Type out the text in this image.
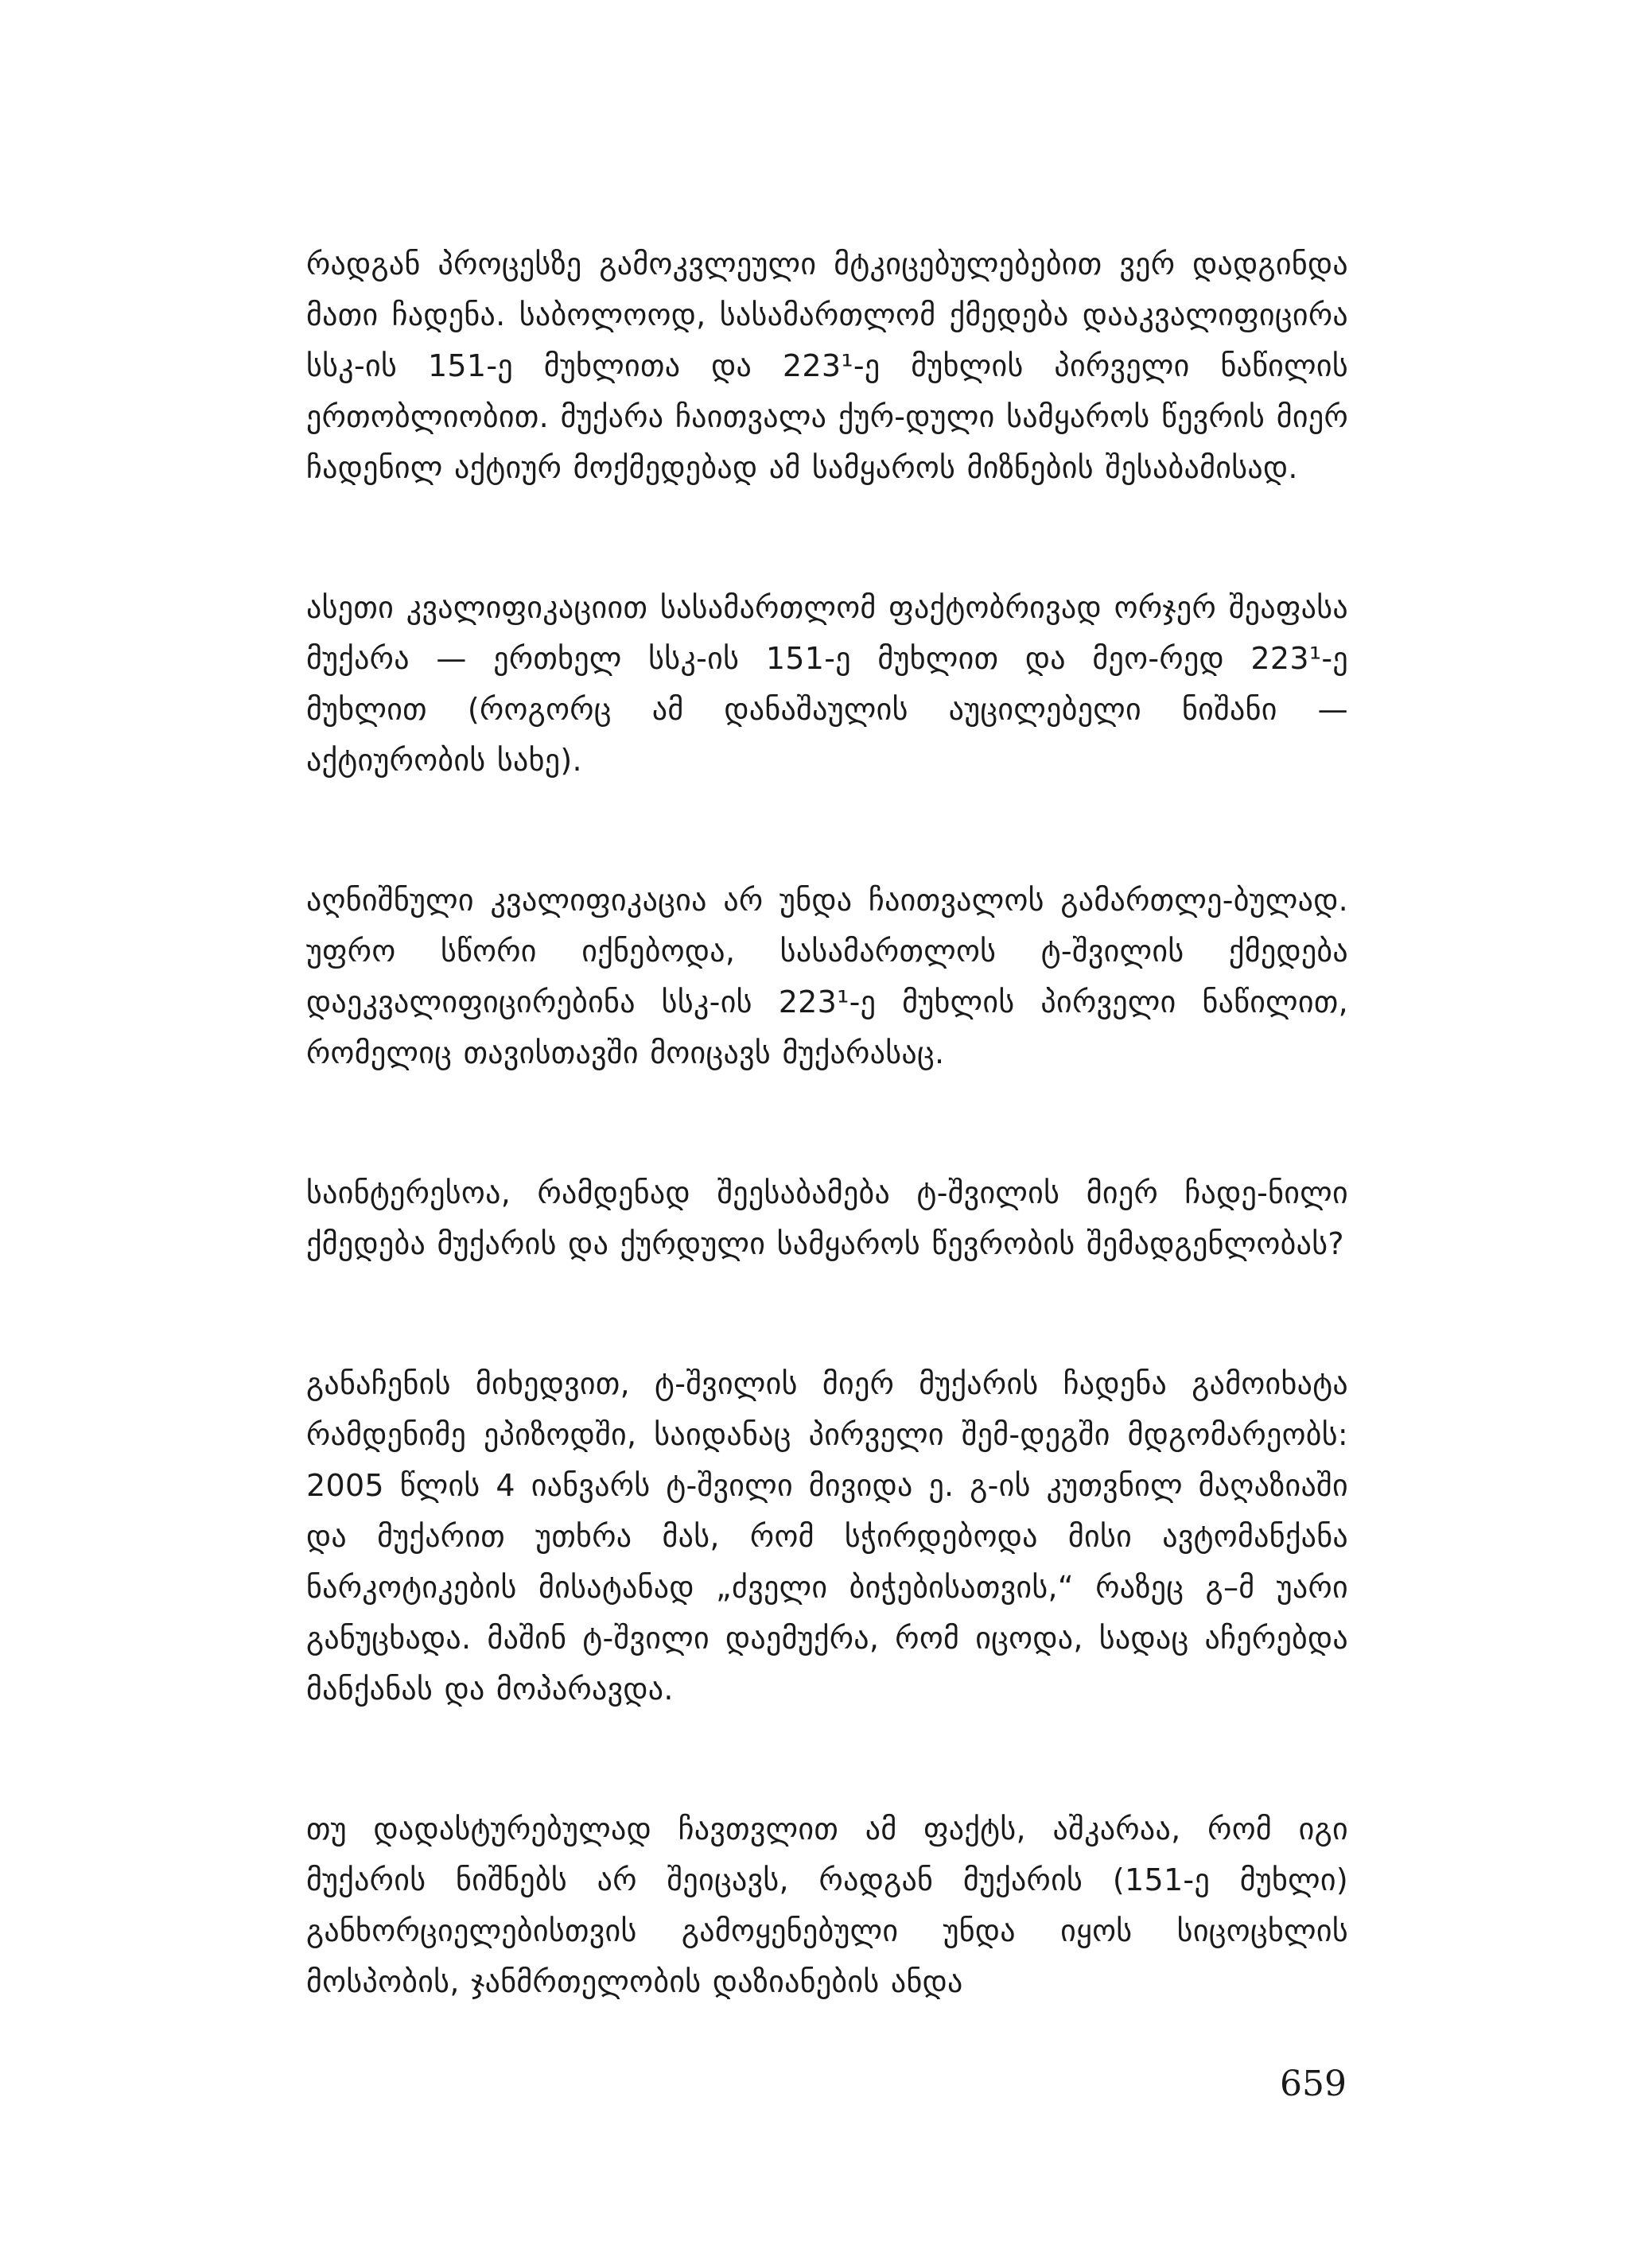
რადგან პროცესზე გამოკვლეული მტკიცებულებებით ვერ დადგინდა მათი ჩადენა. საბოლოოდ, სასამართლომ ქმედება დააკვალიფიცირა სსკ-ის 151-ე მუხლითა და 223¹-ე მუხლის პირველი ნაწილის ერთობლიობით. მუქარა ჩაითვალა ქურ-დული სამყაროს წევრის მიერ ჩადენილ აქტიურ მოქმედებად ამ სამყაროს მიზნების შესაბამისად.

ასეთი კვალიფიკაციით სასამართლომ ფაქტობრივად ორჯერ შეაფასა მუქარა — ერთხელ სსკ-ის 151-ე მუხლით და მეო-რედ 223¹-ე მუხლით (როგორც ამ დანაშაულის აუცილებელი ნიშანი — აქტიურობის სახე).

აღნიშნული კვალიფიკაცია არ უნდა ჩაითვალოს გამართლე-ბულად. უფრო სწორი იქნებოდა, სასამართლოს ტ-შვილის ქმედება დაეკვალიფიცირებინა სსკ-ის 223¹-ე მუხლის პირველი ნაწილით, რომელიც თავისთავში მოიცავს მუქარასაც.

საინტერესოა, რამდენად შეესაბამება ტ-შვილის მიერ ჩადე-ნილი ქმედება მუქარის და ქურდული სამყაროს წევრობის შემადგენლობას?

განაჩენის მიხედვით, ტ-შვილის მიერ მუქარის ჩადენა გამოიხატა რამდენიმე ეპიზოდში, საიდანაც პირველი შემ-დეგში მდგომარეობს: 2005 წლის 4 იანვარს ტ-შვილი მივიდა ე. გ-ის კუთვნილ მაღაზიაში და მუქარით უთხრა მას, რომ სჭირდებოდა მისი ავტომანქანა ნარკოტიკების მისატანად „ძველი ბიჭებისათვის,“ რაზეც გ–მ უარი განუცხადა. მაშინ ტ-შვილი დაემუქრა, რომ იცოდა, სადაც აჩერებდა მანქანას და მოპარავდა.

თუ დადასტურებულად ჩავთვლით ამ ფაქტს, აშკარაა, რომ იგი მუქარის ნიშნებს არ შეიცავს, რადგან მუქარის (151-ე მუხლი) განხორციელებისთვის გამოყენებული უნდა იყოს სიცოცხლის მოსპობის, ჯანმრთელობის დაზიანების ანდა

659
